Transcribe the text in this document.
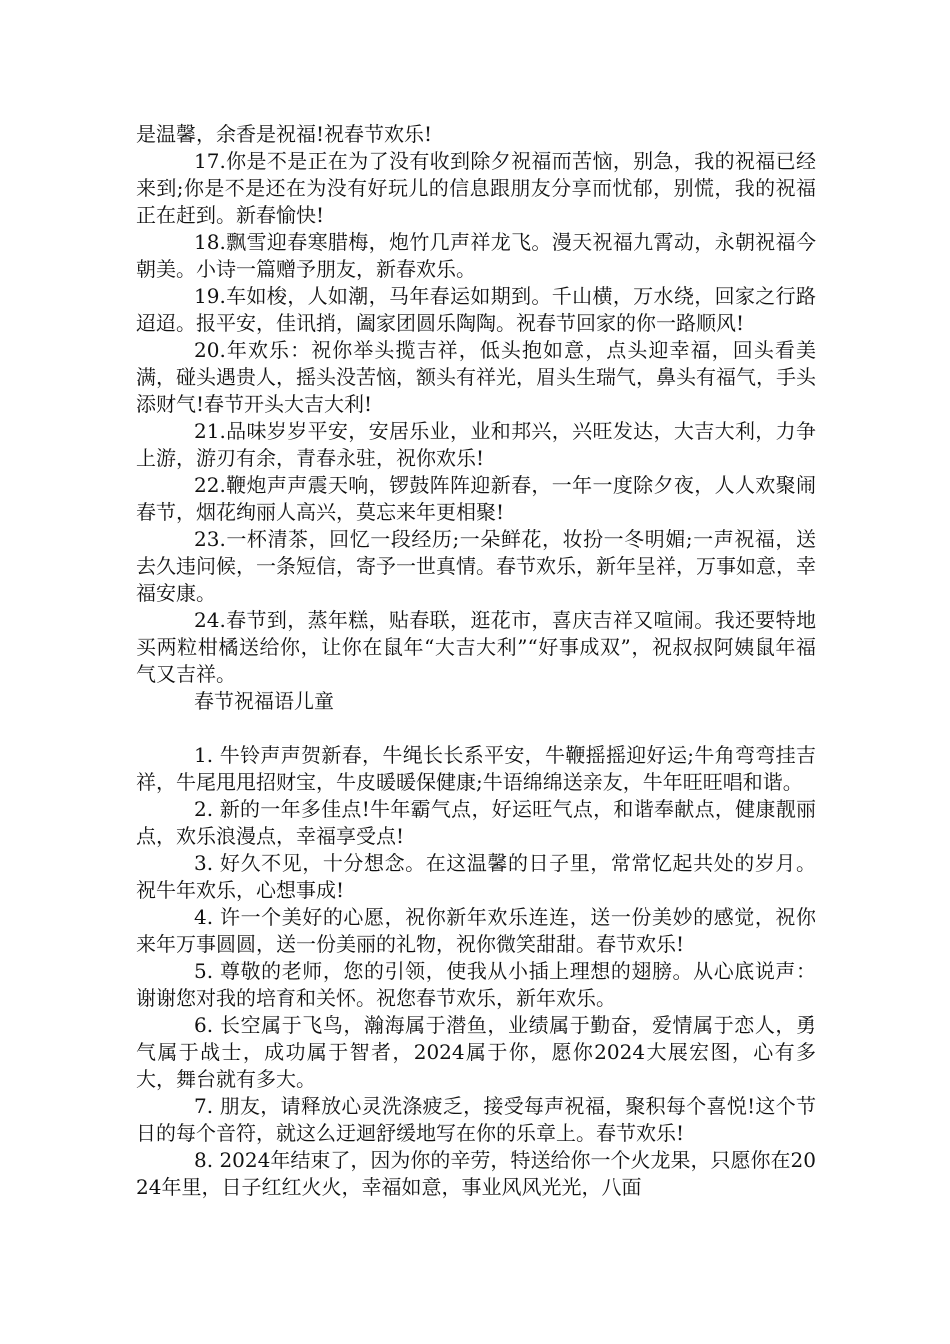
是温馨，余香是祝福!祝春节欢乐!

17.你是不是正在为了没有收到除夕祝福而苦恼，别急，我的祝福已经来到;你是不是还在为没有好玩儿的信息跟朋友分享而忧郁，别慌，我的祝福正在赶到。新春愉快!

18.飘雪迎春寒腊梅，炮竹几声祥龙飞。漫天祝福九霄动，永朝祝福今朝美。小诗一篇赠予朋友，新春欢乐。

19.车如梭，人如潮，马年春运如期到。千山横，万水绕，回家之行路迢迢。报平安，佳讯捎，阖家团圆乐陶陶。祝春节回家的你一路顺风!

20.年欢乐：祝你举头揽吉祥，低头抱如意，点头迎幸福，回头看美满，碰头遇贵人，摇头没苦恼，额头有祥光，眉头生瑞气，鼻头有福气，手头添财气!春节开头大吉大利!

21.品味岁岁平安，安居乐业，业和邦兴，兴旺发达，大吉大利，力争上游，游刃有余，青春永驻，祝你欢乐!

22.鞭炮声声震天响，锣鼓阵阵迎新春，一年一度除夕夜，人人欢聚闹春节，烟花绚丽人高兴，莫忘来年更相聚!

23.一杯清茶，回忆一段经历;一朵鲜花，妆扮一冬明媚;一声祝福，送去久违问候，一条短信，寄予一世真情。春节欢乐，新年呈祥，万事如意，幸福安康。

24.春节到，蒸年糕，贴春联，逛花市，喜庆吉祥又喧闹。我还要特地买两粒柑橘送给你，让你在鼠年“大吉大利”“好事成双”，祝叔叔阿姨鼠年福气又吉祥。

春节祝福语儿童

1. 牛铃声声贺新春，牛绳长长系平安，牛鞭摇摇迎好运;牛角弯弯挂吉祥，牛尾甩甩招财宝，牛皮暖暖保健康;牛语绵绵送亲友，牛年旺旺唱和谐。

2. 新的一年多佳点!牛年霸气点，好运旺气点，和谐奉献点，健康靓丽点，欢乐浪漫点，幸福享受点!

3. 好久不见，十分想念。在这温馨的日子里，常常忆起共处的岁月。祝牛年欢乐，心想事成!

4. 许一个美好的心愿，祝你新年欢乐连连，送一份美妙的感觉，祝你来年万事圆圆，送一份美丽的礼物，祝你微笑甜甜。春节欢乐!

5. 尊敬的老师，您的引领，使我从小插上理想的翅膀。从心底说声：谢谢您对我的培育和关怀。祝您春节欢乐，新年欢乐。

6. 长空属于飞鸟，瀚海属于潜鱼，业绩属于勤奋，爱情属于恋人，勇气属于战士，成功属于智者，2024属于你，愿你2024大展宏图，心有多大，舞台就有多大。

7. 朋友，请释放心灵洗涤疲乏，接受每声祝福，聚积每个喜悦!这个节日的每个音符，就这么迂迴舒缓地写在你的乐章上。春节欢乐!

8. 2024年结束了，因为你的辛劳，特送给你一个火龙果，只愿你在2024年里，日子红红火火，幸福如意，事业风风光光，八面
